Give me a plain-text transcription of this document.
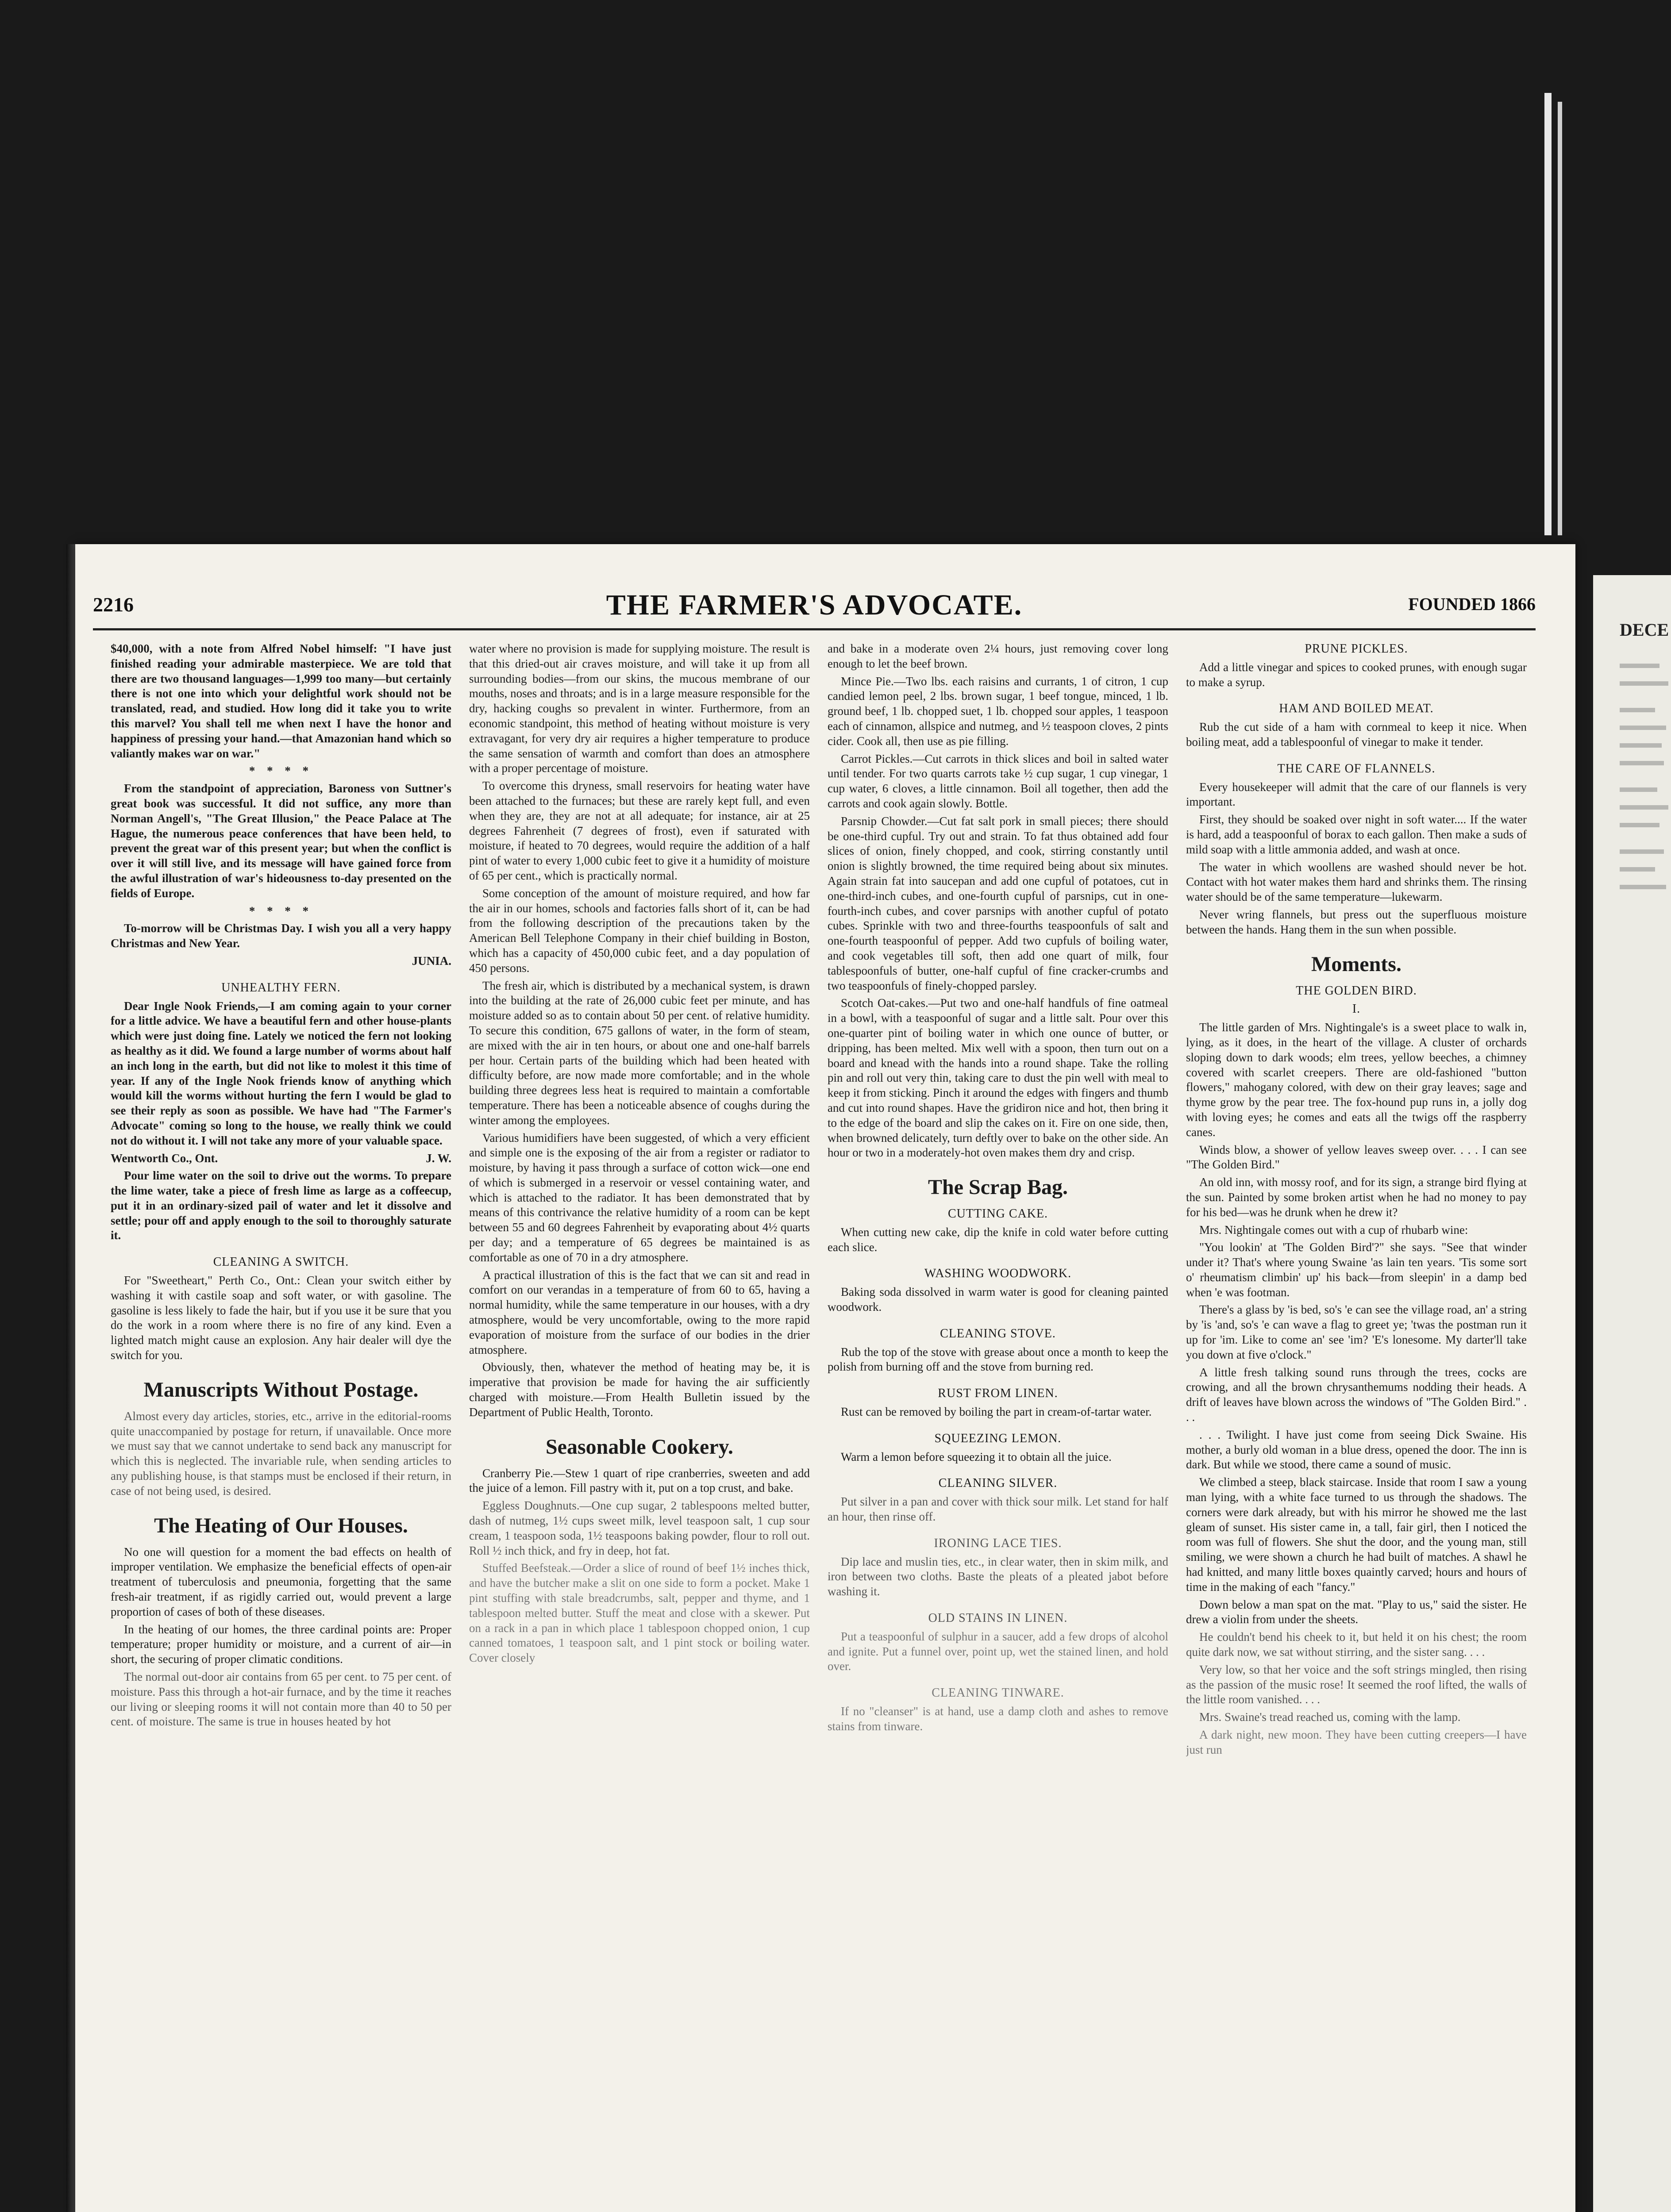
DECE
2216	THE FARMER'S ADVOCATE.	FOUNDED 1866

$40,000, with a note from Alfred Nobel himself: "I have just finished reading your admirable masterpiece. We are told that there are two thousand languages—1,999 too many—but certainly there is not one into which your delightful work should not be translated, read, and studied. How long did it take you to write this marvel? You shall tell me when next I have the honor and happiness of pressing your hand.—that Amazonian hand which so valiantly makes war on war."

* * * *

From the standpoint of appreciation, Baroness von Suttner's great book was successful. It did not suffice, any more than Norman Angell's, "The Great Illusion," the Peace Palace at The Hague, the numerous peace conferences that have been held, to prevent the great war of this present year; but when the conflict is over it will still live, and its message will have gained force from the awful illustration of war's hideousness to-day presented on the fields of Europe.

* * * *

To-morrow will be Christmas Day. I wish you all a very happy Christmas and New Year.

JUNIA.

UNHEALTHY FERN.

Dear Ingle Nook Friends,—I am coming again to your corner for a little advice. We have a beautiful fern and other house-plants which were just doing fine. Lately we noticed the fern not looking as healthy as it did. We found a large number of worms about half an inch long in the earth, but did not like to molest it this time of year. If any of the Ingle Nook friends know of anything which would kill the worms without hurting the fern I would be glad to see their reply as soon as possible. We have had "The Farmer's Advocate" coming so long to the house, we really think we could not do without it. I will not take any more of your valuable space.

Wentworth Co., Ont.	J. W.

Pour lime water on the soil to drive out the worms. To prepare the lime water, take a piece of fresh lime as large as a coffeecup, put it in an ordinary-sized pail of water and let it dissolve and settle; pour off and apply enough to the soil to thoroughly saturate it.

CLEANING A SWITCH.

For "Sweetheart," Perth Co., Ont.: Clean your switch either by washing it with castile soap and soft water, or with gasoline. The gasoline is less likely to fade the hair, but if you use it be sure that you do the work in a room where there is no fire of any kind. Even a lighted match might cause an explosion. Any hair dealer will dye the switch for you.

Manuscripts Without Postage.

Almost every day articles, stories, etc., arrive in the editorial-rooms quite unaccompanied by postage for return, if unavailable. Once more we must say that we cannot undertake to send back any manuscript for which this is neglected. The invariable rule, when sending articles to any publishing house, is that stamps must be enclosed if their return, in case of not being used, is desired.

The Heating of Our Houses.

No one will question for a moment the bad effects on health of improper ventilation. We emphasize the beneficial effects of open-air treatment of tuberculosis and pneumonia, forgetting that the same fresh-air treatment, if as rigidly carried out, would prevent a large proportion of cases of both of these diseases.

In the heating of our homes, the three cardinal points are: Proper temperature; proper humidity or moisture, and a current of air—in short, the securing of proper climatic conditions.

The normal out-door air contains from 65 per cent. to 75 per cent. of moisture. Pass this through a hot-air furnace, and by the time it reaches our living or sleeping rooms it will not contain more than 40 to 50 per cent. of moisture. The same is true in houses heated by hot

water where no provision is made for supplying moisture. The result is that this dried-out air craves moisture, and will take it up from all surrounding bodies—from our skins, the mucous membrane of our mouths, noses and throats; and is in a large measure responsible for the dry, hacking coughs so prevalent in winter. Furthermore, from an economic standpoint, this method of heating without moisture is very extravagant, for very dry air requires a higher temperature to produce the same sensation of warmth and comfort than does an atmosphere with a proper percentage of moisture.

To overcome this dryness, small reservoirs for heating water have been attached to the furnaces; but these are rarely kept full, and even when they are, they are not at all adequate; for instance, air at 25 degrees Fahrenheit (7 degrees of frost), even if saturated with moisture, if heated to 70 degrees, would require the addition of a half pint of water to every 1,000 cubic feet to give it a humidity of moisture of 65 per cent., which is practically normal.

Some conception of the amount of moisture required, and how far the air in our homes, schools and factories falls short of it, can be had from the following description of the precautions taken by the American Bell Telephone Company in their chief building in Boston, which has a capacity of 450,000 cubic feet, and a day population of 450 persons.

The fresh air, which is distributed by a mechanical system, is drawn into the building at the rate of 26,000 cubic feet per minute, and has moisture added so as to contain about 50 per cent. of relative humidity. To secure this condition, 675 gallons of water, in the form of steam, are mixed with the air in ten hours, or about one and one-half barrels per hour. Certain parts of the building which had been heated with difficulty before, are now made more comfortable; and in the whole building three degrees less heat is required to maintain a comfortable temperature. There has been a noticeable absence of coughs during the winter among the employees.

Various humidifiers have been suggested, of which a very efficient and simple one is the exposing of the air from a register or radiator to moisture, by having it pass through a surface of cotton wick—one end of which is submerged in a reservoir or vessel containing water, and which is attached to the radiator. It has been demonstrated that by means of this contrivance the relative humidity of a room can be kept between 55 and 60 degrees Fahrenheit by evaporating about 4½ quarts per day; and a temperature of 65 degrees be maintained is as comfortable as one of 70 in a dry atmosphere.

A practical illustration of this is the fact that we can sit and read in comfort on our verandas in a temperature of from 60 to 65, having a normal humidity, while the same temperature in our houses, with a dry atmosphere, would be very uncomfortable, owing to the more rapid evaporation of moisture from the surface of our bodies in the drier atmosphere.

Obviously, then, whatever the method of heating may be, it is imperative that provision be made for having the air sufficiently charged with moisture.—From Health Bulletin issued by the Department of Public Health, Toronto.

Seasonable Cookery.

Cranberry Pie.—Stew 1 quart of ripe cranberries, sweeten and add the juice of a lemon. Fill pastry with it, put on a top crust, and bake.

Eggless Doughnuts.—One cup sugar, 2 tablespoons melted butter, dash of nutmeg, 1½ cups sweet milk, level teaspoon salt, 1 cup sour cream, 1 teaspoon soda, 1½ teaspoons baking powder, flour to roll out. Roll ½ inch thick, and fry in deep, hot fat.

Stuffed Beefsteak.—Order a slice of round of beef 1½ inches thick, and have the butcher make a slit on one side to form a pocket. Make 1 pint stuffing with stale breadcrumbs, salt, pepper and thyme, and 1 tablespoon melted butter. Stuff the meat and close with a skewer. Put on a rack in a pan in which place 1 tablespoon chopped onion, 1 cup canned tomatoes, 1 teaspoon salt, and 1 pint stock or boiling water. Cover closely

and bake in a moderate oven 2¼ hours, just removing cover long enough to let the beef brown.

Mince Pie.—Two lbs. each raisins and currants, 1 of citron, 1 cup candied lemon peel, 2 lbs. brown sugar, 1 beef tongue, minced, 1 lb. ground beef, 1 lb. chopped suet, 1 lb. chopped sour apples, 1 teaspoon each of cinnamon, allspice and nutmeg, and ½ teaspoon cloves, 2 pints cider. Cook all, then use as pie filling.

Carrot Pickles.—Cut carrots in thick slices and boil in salted water until tender. For two quarts carrots take ½ cup sugar, 1 cup vinegar, 1 cup water, 6 cloves, a little cinnamon. Boil all together, then add the carrots and cook again slowly. Bottle.

Parsnip Chowder.—Cut fat salt pork in small pieces; there should be one-third cupful. Try out and strain. To fat thus obtained add four slices of onion, finely chopped, and cook, stirring constantly until onion is slightly browned, the time required being about six minutes. Again strain fat into saucepan and add one cupful of potatoes, cut in one-third-inch cubes, and one-fourth cupful of parsnips, cut in one-fourth-inch cubes, and cover parsnips with another cupful of potato cubes. Sprinkle with two and three-fourths teaspoonfuls of salt and one-fourth teaspoonful of pepper. Add two cupfuls of boiling water, and cook vegetables till soft, then add one quart of milk, four tablespoonfuls of butter, one-half cupful of fine cracker-crumbs and two teaspoonfuls of finely-chopped parsley.

Scotch Oat-cakes.—Put two and one-half handfuls of fine oatmeal in a bowl, with a teaspoonful of sugar and a little salt. Pour over this one-quarter pint of boiling water in which one ounce of butter, or dripping, has been melted. Mix well with a spoon, then turn out on a board and knead with the hands into a round shape. Take the rolling pin and roll out very thin, taking care to dust the pin well with meal to keep it from sticking. Pinch it around the edges with fingers and thumb and cut into round shapes. Have the gridiron nice and hot, then bring it to the edge of the board and slip the cakes on it. Fire on one side, then, when browned delicately, turn deftly over to bake on the other side. An hour or two in a moderately-hot oven makes them dry and crisp.

The Scrap Bag.
CUTTING CAKE.

When cutting new cake, dip the knife in cold water before cutting each slice.

WASHING WOODWORK.

Baking soda dissolved in warm water is good for cleaning painted woodwork.

CLEANING STOVE.

Rub the top of the stove with grease about once a month to keep the polish from burning off and the stove from burning red.

RUST FROM LINEN.

Rust can be removed by boiling the part in cream-of-tartar water.

SQUEEZING LEMON.

Warm a lemon before squeezing it to obtain all the juice.

CLEANING SILVER.

Put silver in a pan and cover with thick sour milk. Let stand for half an hour, then rinse off.

IRONING LACE TIES.

Dip lace and muslin ties, etc., in clear water, then in skim milk, and iron between two cloths. Baste the pleats of a pleated jabot before washing it.

OLD STAINS IN LINEN.

Put a teaspoonful of sulphur in a saucer, add a few drops of alcohol and ignite. Put a funnel over, point up, wet the stained linen, and hold over.

CLEANING TINWARE.

If no "cleanser" is at hand, use a damp cloth and ashes to remove stains from tinware.

PRUNE PICKLES.

Add a little vinegar and spices to cooked prunes, with enough sugar to make a syrup.

HAM AND BOILED MEAT.

Rub the cut side of a ham with cornmeal to keep it nice. When boiling meat, add a tablespoonful of vinegar to make it tender.

THE CARE OF FLANNELS.

Every housekeeper will admit that the care of our flannels is very important.

First, they should be soaked over night in soft water.... If the water is hard, add a teaspoonful of borax to each gallon. Then make a suds of mild soap with a little ammonia added, and wash at once.

The water in which woollens are washed should never be hot. Contact with hot water makes them hard and shrinks them. The rinsing water should be of the same temperature—lukewarm.

Never wring flannels, but press out the superfluous moisture between the hands. Hang them in the sun when possible.

Moments.
THE GOLDEN BIRD.
I.

The little garden of Mrs. Nightingale's is a sweet place to walk in, lying, as it does, in the heart of the village. A cluster of orchards sloping down to dark woods; elm trees, yellow beeches, a chimney covered with scarlet creepers. There are old-fashioned "button flowers," mahogany colored, with dew on their gray leaves; sage and thyme grow by the pear tree. The fox-hound pup runs in, a jolly dog with loving eyes; he comes and eats all the twigs off the raspberry canes.

Winds blow, a shower of yellow leaves sweep over. . . . I can see "The Golden Bird."

An old inn, with mossy roof, and for its sign, a strange bird flying at the sun. Painted by some broken artist when he had no money to pay for his bed—was he drunk when he drew it?

Mrs. Nightingale comes out with a cup of rhubarb wine:

"You lookin' at 'The Golden Bird'?" she says. "See that winder under it? That's where young Swaine 'as lain ten years. 'Tis some sort o' rheumatism climbin' up' his back—from sleepin' in a damp bed when 'e was footman.

There's a glass by 'is bed, so's 'e can see the village road, an' a string by 'is 'and, so's 'e can wave a flag to greet ye; 'twas the postman run it up for 'im. Like to come an' see 'im? 'E's lonesome. My darter'll take you down at five o'clock."

A little fresh talking sound runs through the trees, cocks are crowing, and all the brown chrysanthemums nodding their heads. A drift of leaves have blown across the windows of "The Golden Bird." . . .

. . . Twilight. I have just come from seeing Dick Swaine. His mother, a burly old woman in a blue dress, opened the door. The inn is dark. But while we stood, there came a sound of music.

We climbed a steep, black staircase. Inside that room I saw a young man lying, with a white face turned to us through the shadows. The corners were dark already, but with his mirror he showed me the last gleam of sunset. His sister came in, a tall, fair girl, then I noticed the room was full of flowers. She shut the door, and the young man, still smiling, we were shown a church he had built of matches. A shawl he had knitted, and many little boxes quaintly carved; hours and hours of time in the making of each "fancy."

Down below a man spat on the mat. "Play to us," said the sister. He drew a violin from under the sheets.

He couldn't bend his cheek to it, but held it on his chest; the room quite dark now, we sat without stirring, and the sister sang. . . .

Very low, so that her voice and the soft strings mingled, then rising as the passion of the music rose! It seemed the roof lifted, the walls of the little room vanished. . . .

Mrs. Swaine's tread reached us, coming with the lamp.

A dark night, new moon. They have been cutting creepers—I have just run
